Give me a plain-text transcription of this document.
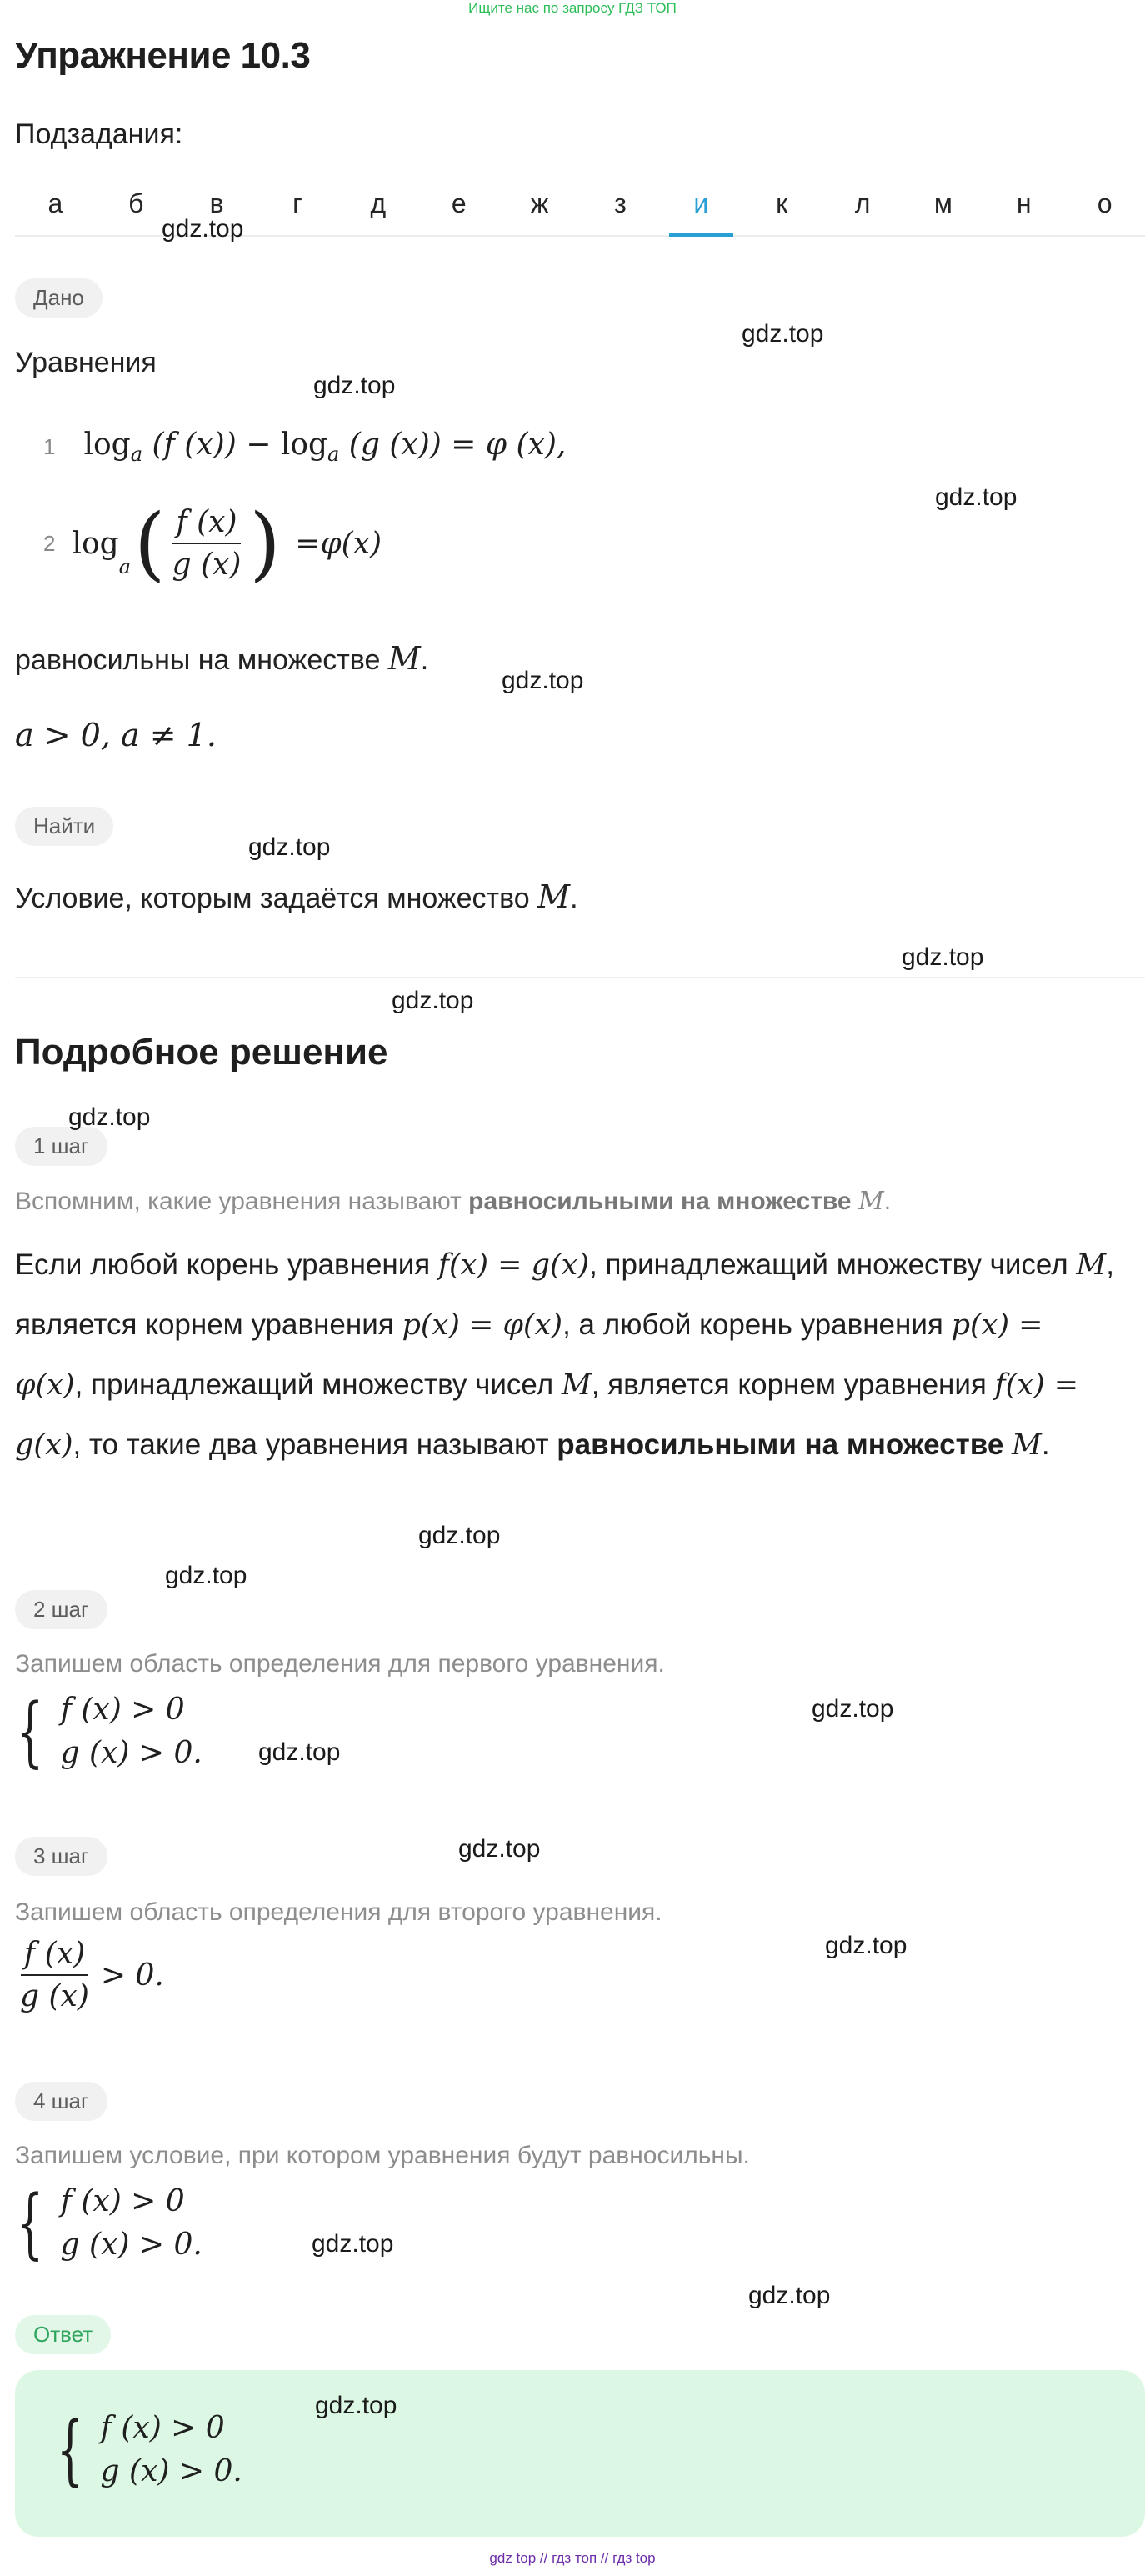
Ищите нас по запросу ГДЗ ТОП
Упражнение 10.3
Подзадания:
а	б	в	г	д	е	ж	з	и	к	л	м	н	о
Дано
Уравнения
1 $\log_a (f$ $(x)) - \log_a (g$ (x)) = φ (x),
2 log
$_a$ ( $\frac{f (x)}{g (x)}$ ) = φ ( x )
равносильны на множестве M.
a > 0, a ≠ 1.
Найти
Условие, которым задаётся множество M.
Подробное решение
1 шаг
Вспомним, какие уравнения называют равносильными на множестве M.
Если любой корень уравнения f(x) = g(x), принадлежащий множеству чисел M, является корнем уравнения p(x) = φ(x), а любой корень уравнения p(x) = φ(x), принадлежащий множеству чисел M, является корнем уравнения f(x) = g(x), то такие два уравнения называют равносильными на множестве M.
2 шаг
Запишем область определения для первого уравнения.
{ f (x) > 0
g (x) > 0.
3 шаг
Запишем область определения для второго уравнения.
$\frac{f (x)}{g (x)} > 0$.
4 шаг
Запишем условие, при котором уравнения будут равносильны.
{ f (x) > 0
g (x) > 0.
Ответ
{ f (x) > 0
g (x) > 0.
gdz.top
gdz.top
gdz.top
gdz.top
gdz.top
gdz.top
gdz.top
gdz.top
gdz.top
gdz.top
gdz.top
gdz.top
gdz.top
gdz.top
gdz.top
gdz.top
gdz.top
gdz.top
gdz top // гдз топ // гдз top
